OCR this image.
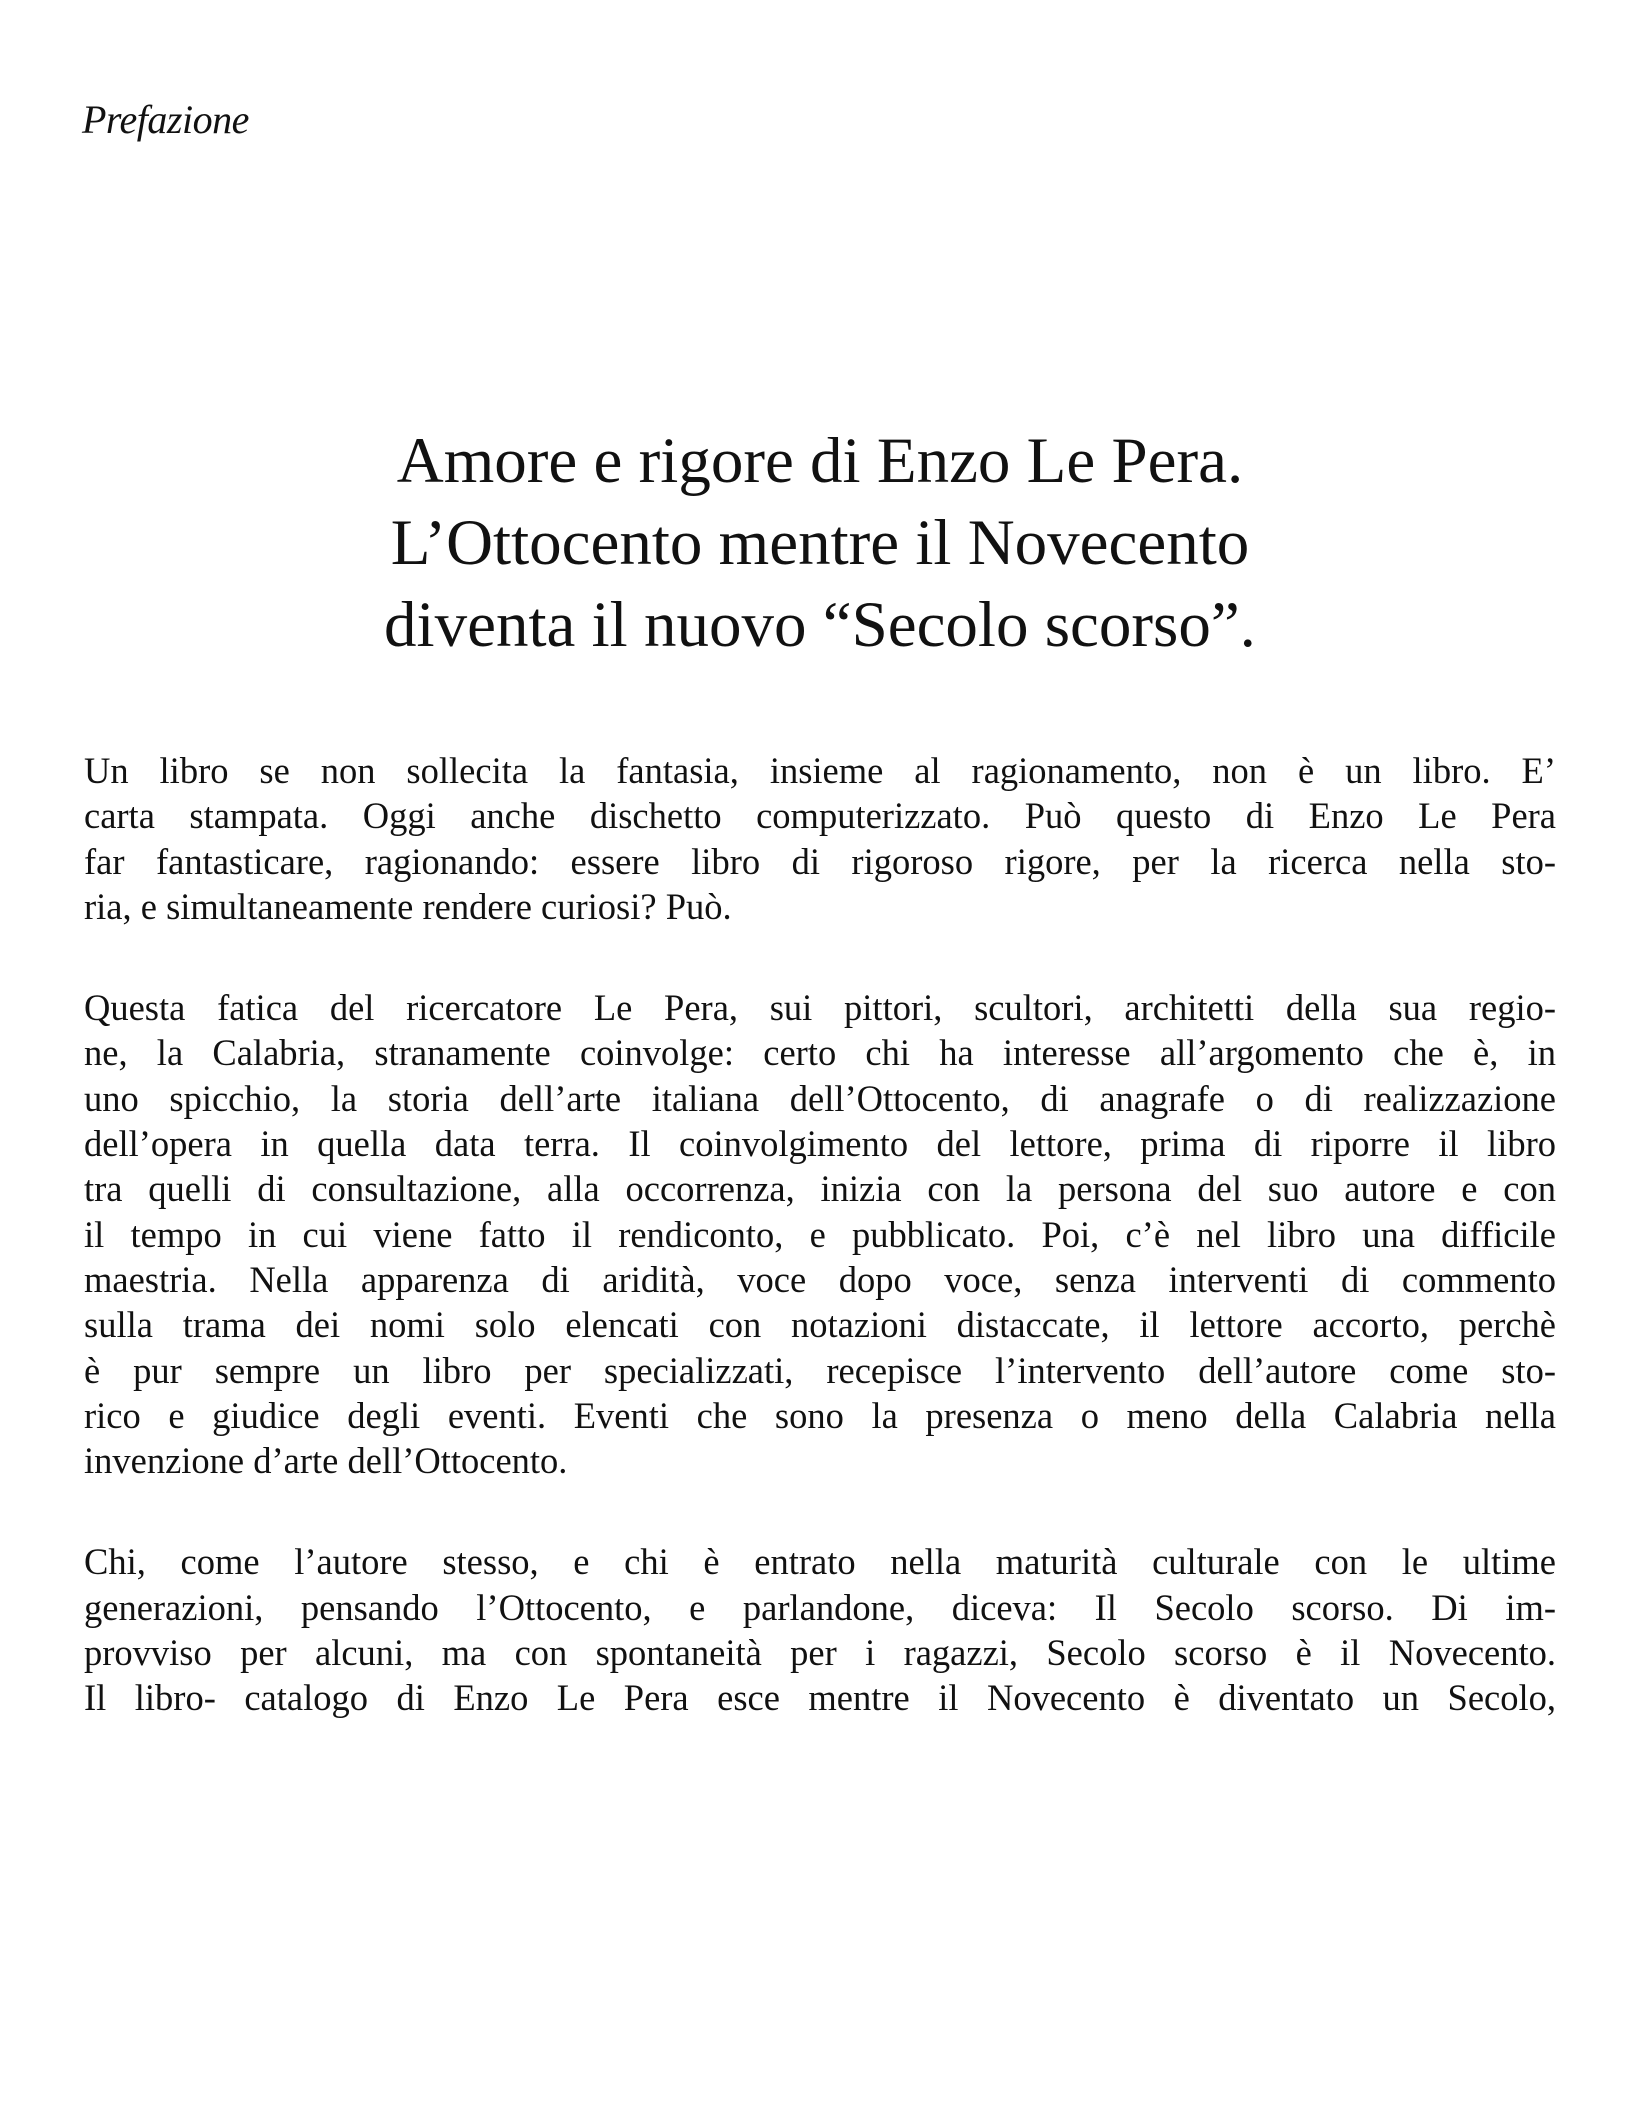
Prefazione
Amore e rigore di Enzo Le Pera.
L’Ottocento mentre il Novecento
diventa il nuovo “Secolo scorso”.

Un libro se non sollecita la fantasia, insieme al ragionamento, non è un libro. E’
carta stampata. Oggi anche dischetto computerizzato. Può questo di Enzo Le Pera
far fantasticare, ragionando: essere libro di rigoroso rigore, per la ricerca nella sto-
ria, e simultaneamente rendere curiosi? Può.

Questa fatica del ricercatore Le Pera, sui pittori, scultori, architetti della sua regio-
ne, la Calabria, stranamente coinvolge: certo chi ha interesse all’argomento che è, in
uno spicchio, la storia dell’arte italiana dell’Ottocento, di anagrafe o di realizzazione
dell’opera in quella data terra. Il coinvolgimento del lettore, prima di riporre il libro
tra quelli di consultazione, alla occorrenza, inizia con la persona del suo autore e con
il tempo in cui viene fatto il rendiconto, e pubblicato. Poi, c’è nel libro una difficile
maestria. Nella apparenza di aridità, voce dopo voce, senza interventi di commento
sulla trama dei nomi solo elencati con notazioni distaccate, il lettore accorto, perchè
è pur sempre un libro per specializzati, recepisce l’intervento dell’autore come sto-
rico e giudice degli eventi. Eventi che sono la presenza o meno della Calabria nella
invenzione d’arte dell’Ottocento.

Chi, come l’autore stesso, e chi è entrato nella maturità culturale con le ultime
generazioni, pensando l’Ottocento, e parlandone, diceva: Il Secolo scorso. Di im-
provviso per alcuni, ma con spontaneità per i ragazzi, Secolo scorso è il Novecento.
Il libro- catalogo di Enzo Le Pera esce mentre il Novecento è diventato un Secolo,
